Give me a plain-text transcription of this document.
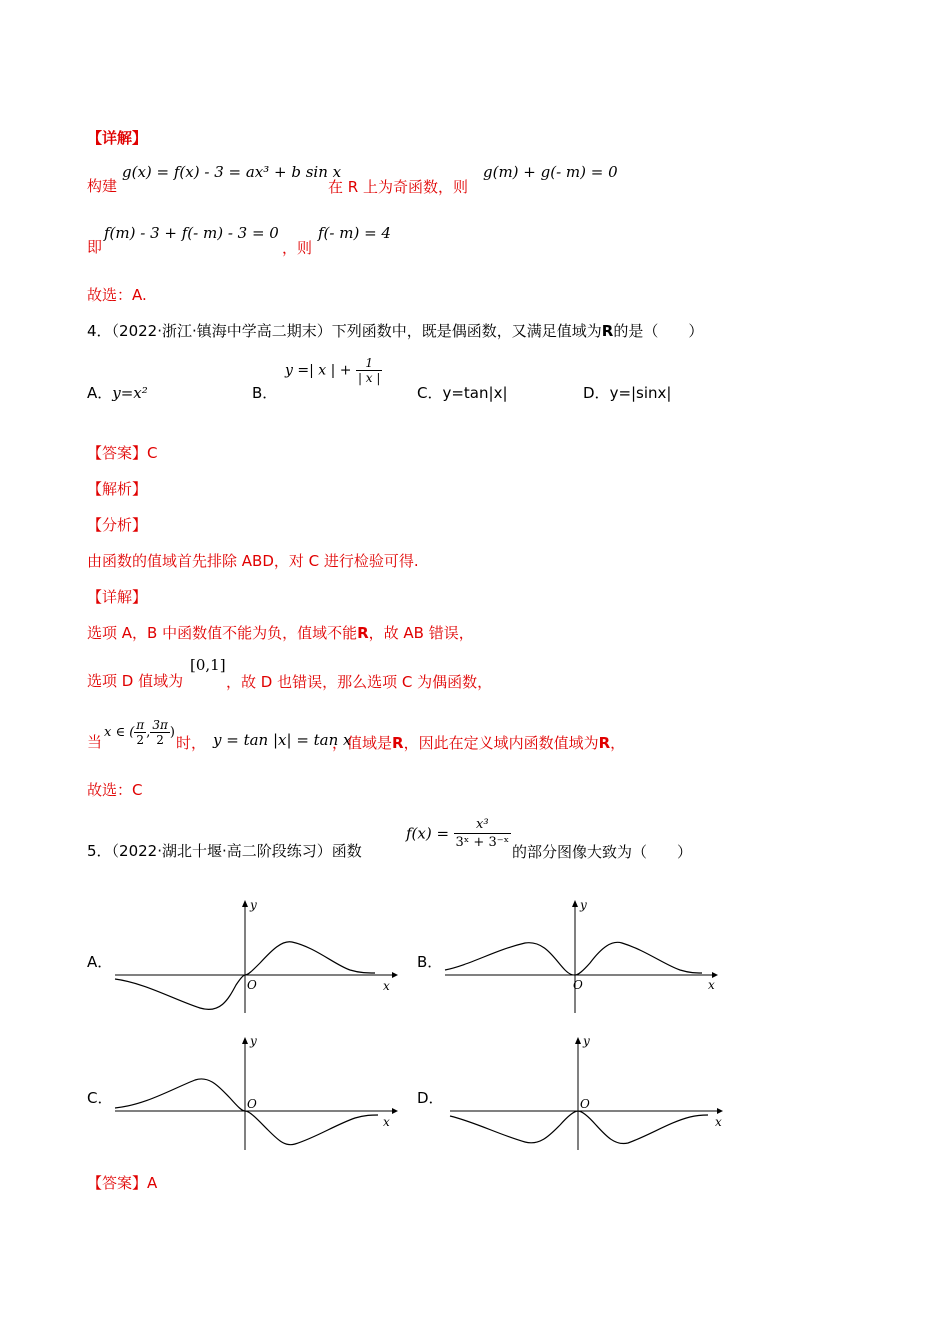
【详解】
构建
g(x) = f(x) - 3 = ax³ + b sin x
在 R 上为奇函数，则
g(m) + g(- m) = 0
即
f(m) - 3 + f(- m) - 3 = 0
，则
f(- m) = 4
故选：A.
4．（2022·浙江·镇海中学高二期末）下列函数中，既是偶函数，又满足值域为R的是（　　）
A．y=x²	B．
y =| x | + $\frac{1}{| x |}$
C．y=tan|x|	D．y=|sinx|
【答案】C
【解析】
【分析】
由函数的值域首先排除 ABD，对 C 进行检验可得.
【详解】
选项 A，B 中函数值不能为负，值域不能R，故 AB 错误，
选项 D 值域为
[0,1]
，故 D 也错误，那么选项 C 为偶函数，
当
x ∈ ( $\frac{\pi}{2}$ , $\frac{3\pi}{2}$ )
时， y = tan |x| = tan x
，值域是R，因此在定义域内函数值域为R，
故选：C
5．（2022·湖北十堰·高二阶段练习）函数
$f(x) = \frac{\text{x³}}{\text{3ˣ + 3⁻ˣ}}$
的部分图像大致为（　　）
A．	B．
C．	D．
y
x
O
y
x
O
y
x
O
y
x
O
【答案】A
